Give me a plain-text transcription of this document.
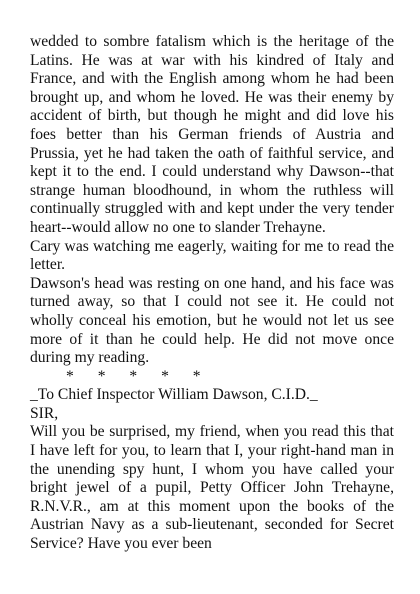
wedded to sombre fatalism which is the heritage of the Latins. He was at war with his kindred of Italy and France, and with the English among whom he had been brought up, and whom he loved. He was their enemy by accident of birth, but though he might and did love his foes better than his German friends of Austria and Prussia, yet he had taken the oath of faithful service, and kept it to the end. I could understand why Dawson--that strange human bloodhound, in whom the ruthless will continually struggled with and kept under the very tender heart--would allow no one to slander Trehayne.

Cary was watching me eagerly, waiting for me to read the letter.

Dawson's head was resting on one hand, and his face was turned away, so that I could not see it. He could not wholly conceal his emotion, but he would not let us see more of it than he could help. He did not move once during my reading.

* * * * *

_To Chief Inspector William Dawson, C.I.D._

SIR,

Will you be surprised, my friend, when you read this that I have left for you, to learn that I, your right-hand man in the unending spy hunt, I whom you have called your bright jewel of a pupil, Petty Officer John Trehayne, R.N.V.R., am at this moment upon the books of the Austrian Navy as a sub-lieutenant, seconded for Secret Service? Have you ever been
